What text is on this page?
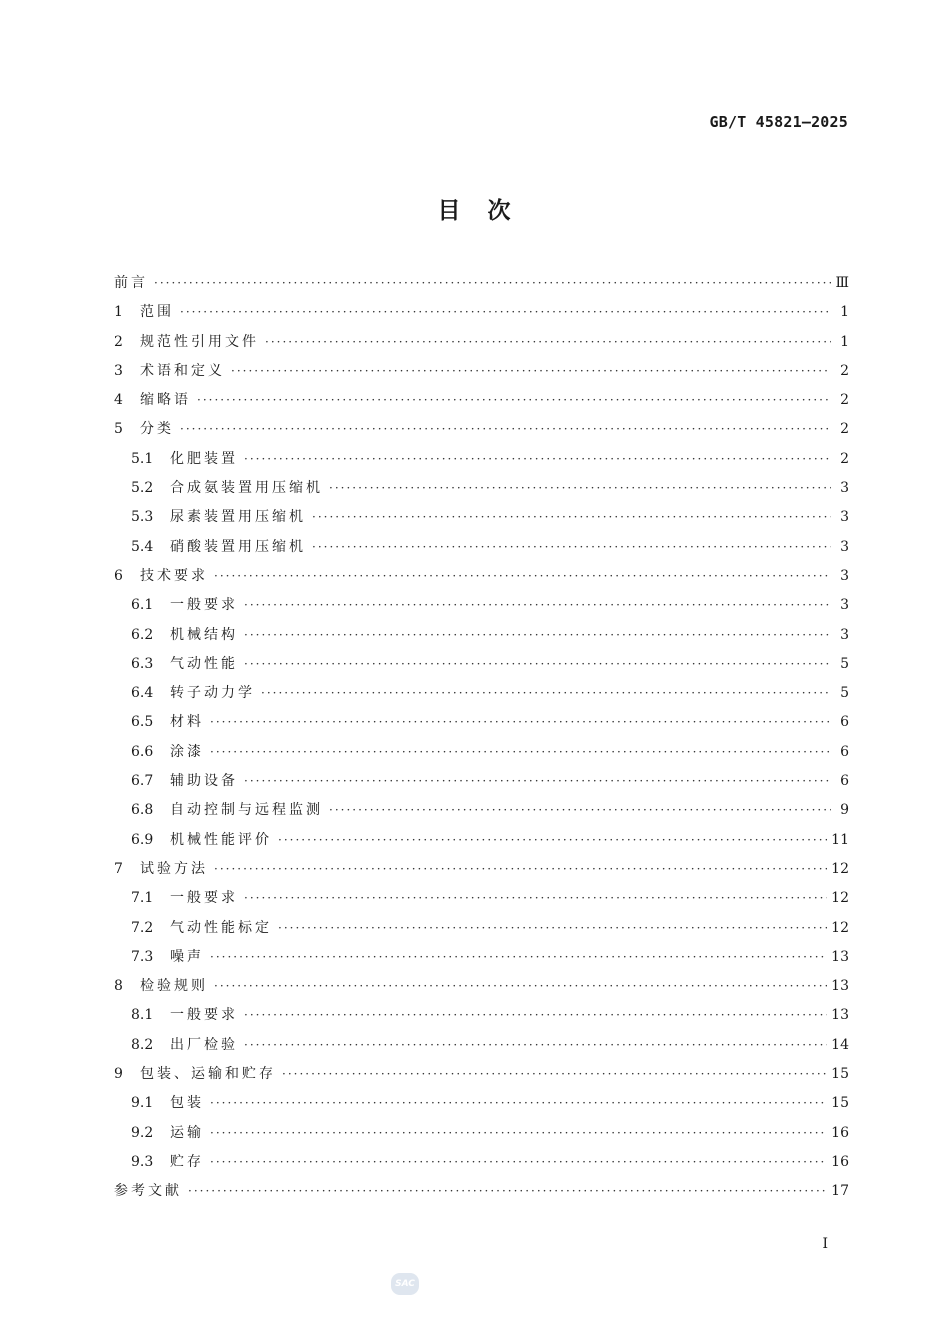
GB/T 45821—2025
目　次
前言 ·····	Ⅲ
1	范围 ·····	1
2	规范性引用文件 ·····	1
3	术语和定义 ·····	2
4	缩略语 ·····	2
5	分类 ·····	2
5.1	化肥装置 ·····	2
5.2	合成氨装置用压缩机 ·····	3
5.3	尿素装置用压缩机 ·····	3
5.4	硝酸装置用压缩机 ·····	3
6	技术要求 ·····	3
6.1	一般要求 ·····	3
6.2	机械结构 ·····	3
6.3	气动性能 ·····	5
6.4	转子动力学 ·····	5
6.5	材料 ·····	6
6.6	涂漆 ·····	6
6.7	辅助设备 ·····	6
6.8	自动控制与远程监测 ·····	9
6.9	机械性能评价 ·····	11
7	试验方法 ·····	12
7.1	一般要求 ·····	12
7.2	气动性能标定 ·····	12
7.3	噪声 ·····	13
8	检验规则 ·····	13
8.1	一般要求 ·····	13
8.2	出厂检验 ·····	14
9	包装、运输和贮存 ·····	15
9.1	包装 ·····	15
9.2	运输 ·····	16
9.3	贮存 ·····	16
参考文献 ·····	17
Ⅰ
SAC
